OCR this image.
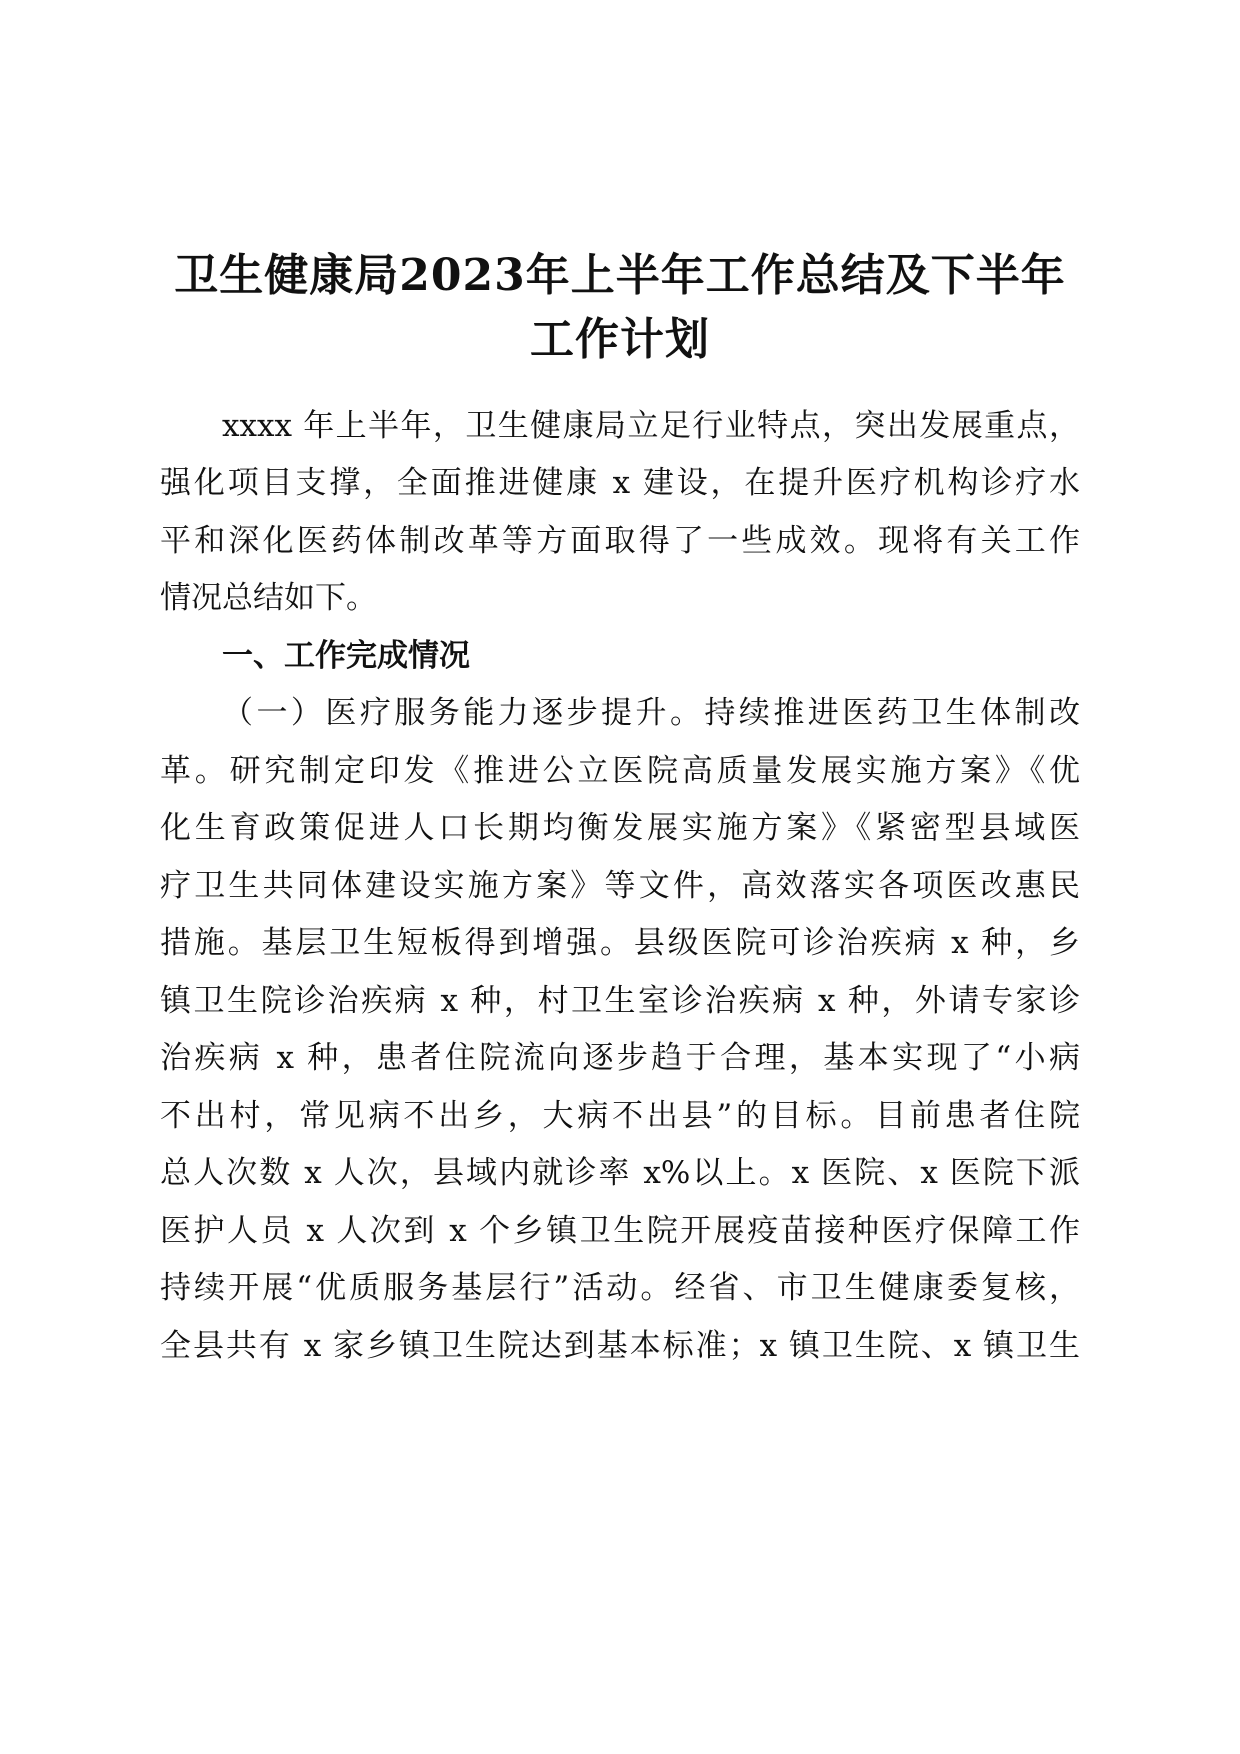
卫生健康局2023年上半年工作总结及下半年
工作计划
xxxx 年上半年，卫生健康局立足行业特点，突出发展重点，
强化项目支撑，全面推进健康 x 建设，在提升医疗机构诊疗水
平和深化医药体制改革等方面取得了一些成效。现将有关工作
情况总结如下。
一、工作完成情况
（一）医疗服务能力逐步提升。持续推进医药卫生体制改
革。研究制定印发《推进公立医院高质量发展实施方案》《优
化生育政策促进人口长期均衡发展实施方案》《紧密型县域医
疗卫生共同体建设实施方案》等文件，高效落实各项医改惠民
措施。基层卫生短板得到增强。县级医院可诊治疾病 x 种，乡
镇卫生院诊治疾病 x 种，村卫生室诊治疾病 x 种，外请专家诊
治疾病 x 种，患者住院流向逐步趋于合理，基本实现了“小病
不出村，常见病不出乡，大病不出县”的目标。目前患者住院
总人次数 x 人次，县域内就诊率 x%以上。x 医院、x 医院下派
医护人员 x 人次到 x 个乡镇卫生院开展疫苗接种医疗保障工作
持续开展“优质服务基层行”活动。经省、市卫生健康委复核，
全县共有 x 家乡镇卫生院达到基本标准；x 镇卫生院、x 镇卫生
